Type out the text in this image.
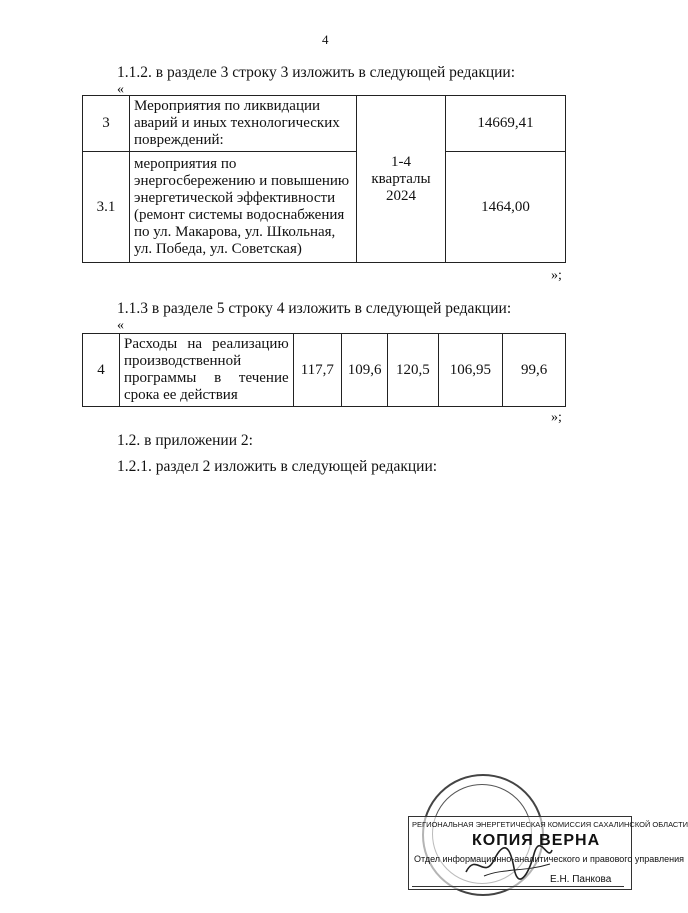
4
1.1.2. в разделе 3 строку 3 изложить в следующей редакции:
«
3	Мероприятия по ликвидации аварий и иных технологических повреждений:	1-4 кварталы 2024	14669,41
3.1	мероприятия по энергосбережению и повышению энергетической эффективности (ремонт системы водоснабжения по ул. Макарова, ул. Школьная, ул. Победа, ул. Советская)		1464,00
»;
1.1.3 в разделе 5 строку 4 изложить в следующей редакции:
«
4	Расходы на реализацию производственной программы в течение срока ее действия	117,7	109,6	120,5	106,95	99,6
»;
1.2. в приложении 2:
1.2.1. раздел 2 изложить в следующей редакции:
РЕГИОНАЛЬНАЯ ЭНЕРГЕТИЧЕСКАЯ КОМИССИЯ САХАЛИНСКОЙ ОБЛАСТИ
КОПИЯ ВЕРНА
Отдел информационно-аналитического и правового управления
Е.Н. Панкова
